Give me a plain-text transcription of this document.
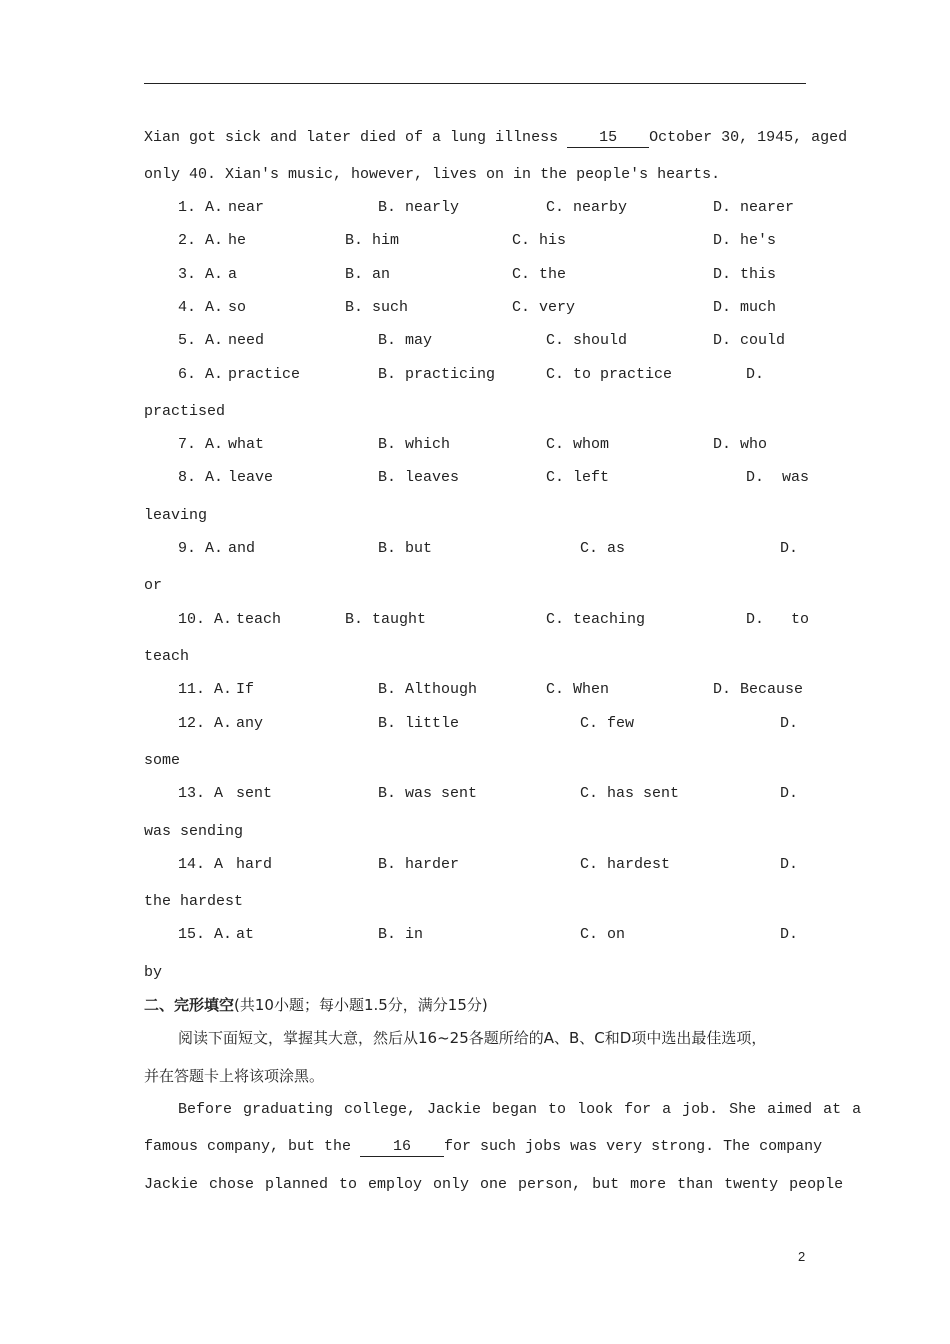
Xian got sick and later died of a lung illness 15 October 30, 1945, aged
only 40. Xian's music, however, lives on in the people's hearts.
1. A. near	B. nearly	C. nearby	D. nearer
2. A. he	B. him	C. his	D. he's
3. A. a	B. an	C. the	D. this
4. A. so	B. such	C. very	D. much
5. A. need	B. may	C. should	D. could
6. A. practice	B. practicing	C. to practice	D.
practised
7. A. what	B. which	C. whom	D. who
8. A. leave	B. leaves	C. left	D.  was
leaving
9. A. and	B. but	C. as	D.
or
10. A. teach	B. taught	C. teaching	D.   to
teach
11. A. If	B. Although	C. When	D. Because
12. A. any	B. little	C. few	D.
some
13. A sent	B. was sent	C. has sent	D.
was sending
14. A hard	B. harder	C. hardest	D.
the hardest
15. A. at	B. in	C. on	D.
by
二、完形填空(共10小题；每小题1.5分，满分15分)
阅读下面短文，掌握其大意，然后从16~25各题所给的A、B、C和D项中选出最佳选项，
并在答题卡上将该项涂黑。
Before graduating college, Jackie began to look for a job. She aimed at a
famous company, but the 16 for such jobs was very strong. The company
Jackie chose planned to employ only one person, but more than twenty people
2
